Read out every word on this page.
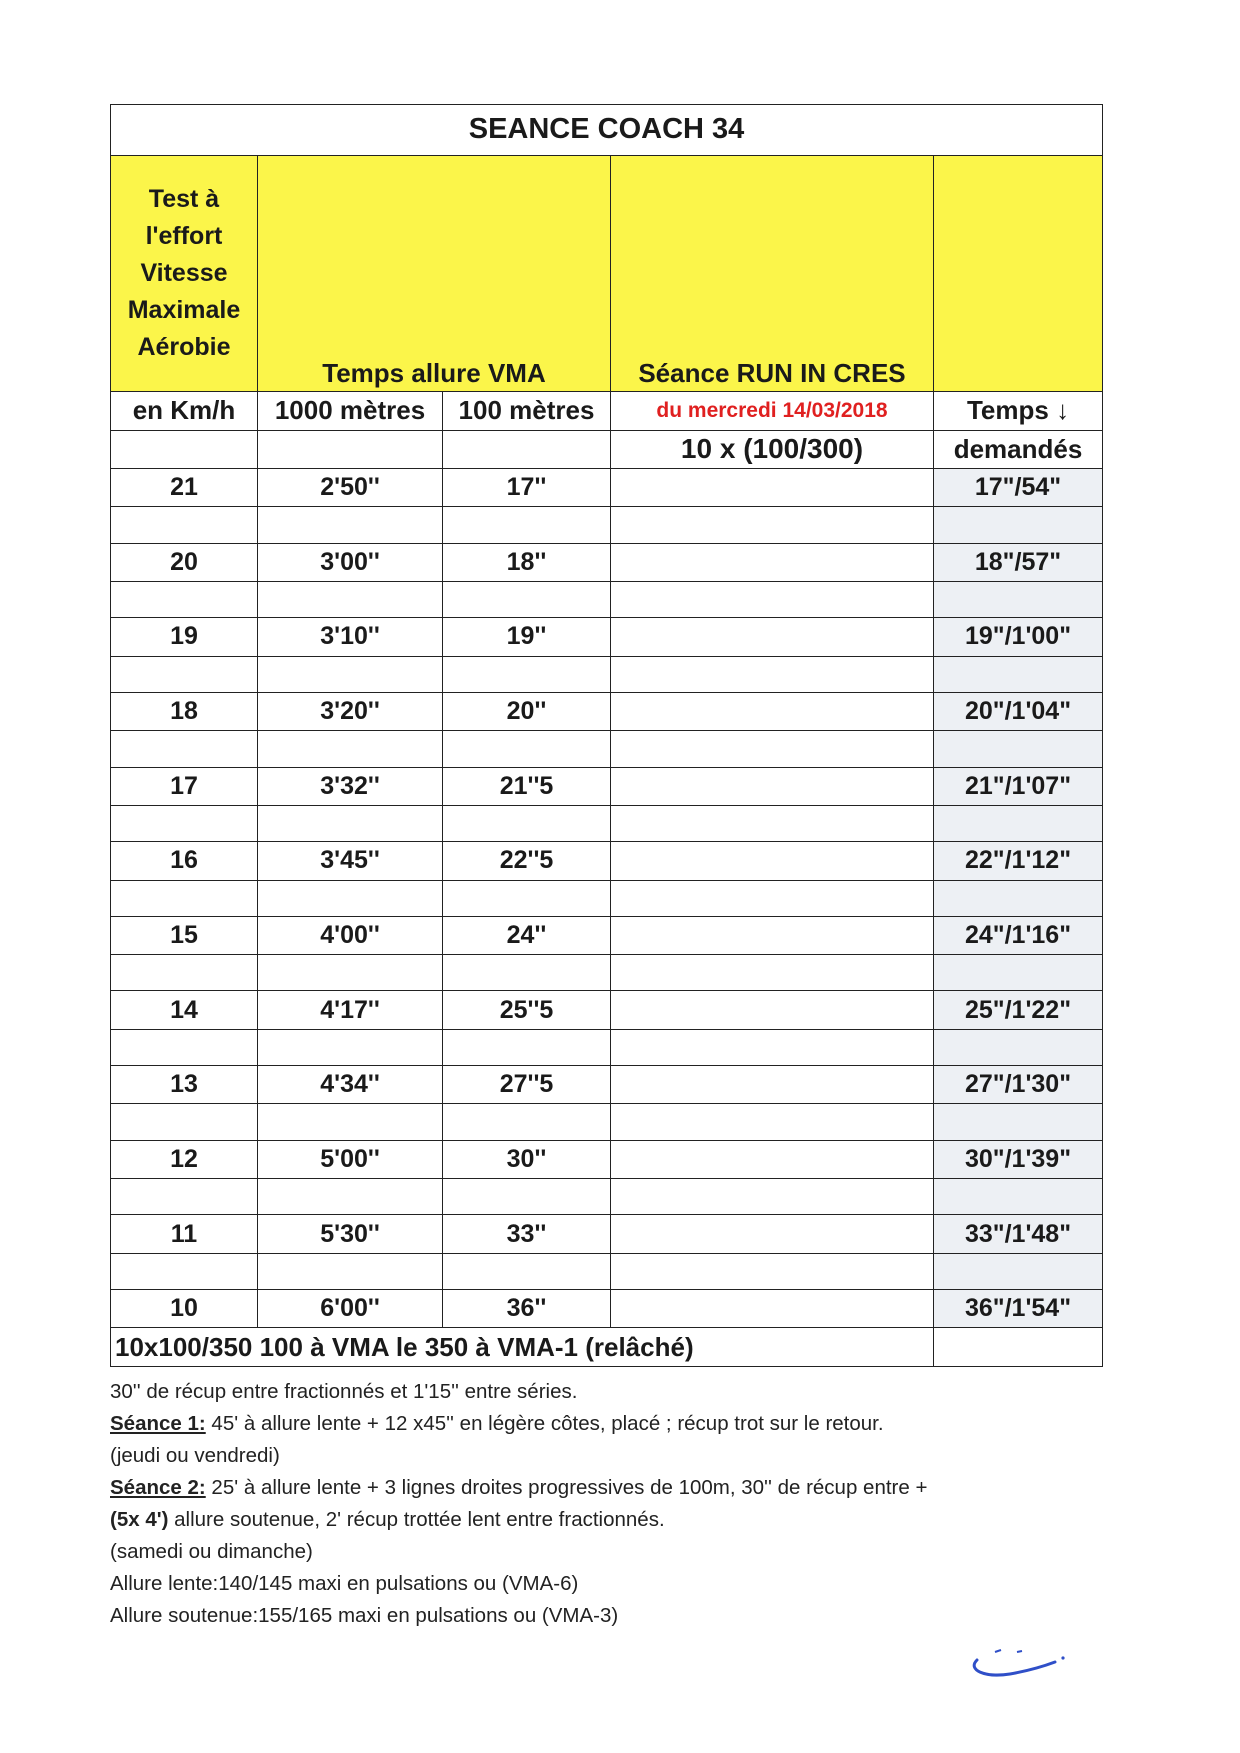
SEANCE COACH 34				
Test à
l'effort
Vitesse
Maximale
Aérobie	Temps allure VMA		Séance RUN IN CRES	
en Km/h	1000 mètres	100 mètres	du mercredi 14/03/2018	Temps ↓
			10 x (100/300)	demandés
21	2'50''	17''		17"/54"

20	3'00''	18''		18"/57"

19	3'10''	19''		19"/1'00"

18	3'20''	20''		20"/1'04"

17	3'32''	21''5		21"/1'07"

16	3'45''	22''5		22"/1'12"

15	4'00''	24''		24"/1'16"

14	4'17''	25''5		25"/1'22"

13	4'34''	27''5		27"/1'30"

12	5'00''	30''		30"/1'39"

11	5'30''	33''		33"/1'48"

10	6'00''	36''		36"/1'54"
10x100/350 100 à VMA le 350 à VMA-1 (relâché)				

30'' de récup entre fractionnés et 1'15'' entre séries.

Séance 1: 45' à allure lente + 12 x45'' en légère côtes, placé ; récup trot sur le retour.

(jeudi ou vendredi)

Séance 2: 25' à allure lente + 3 lignes droites progressives de 100m, 30'' de récup entre +

(5x 4') allure soutenue, 2' récup trottée lent entre fractionnés.

(samedi ou dimanche)

Allure lente:140/145 maxi en pulsations ou (VMA-6)

Allure soutenue:155/165 maxi en pulsations ou (VMA-3)
